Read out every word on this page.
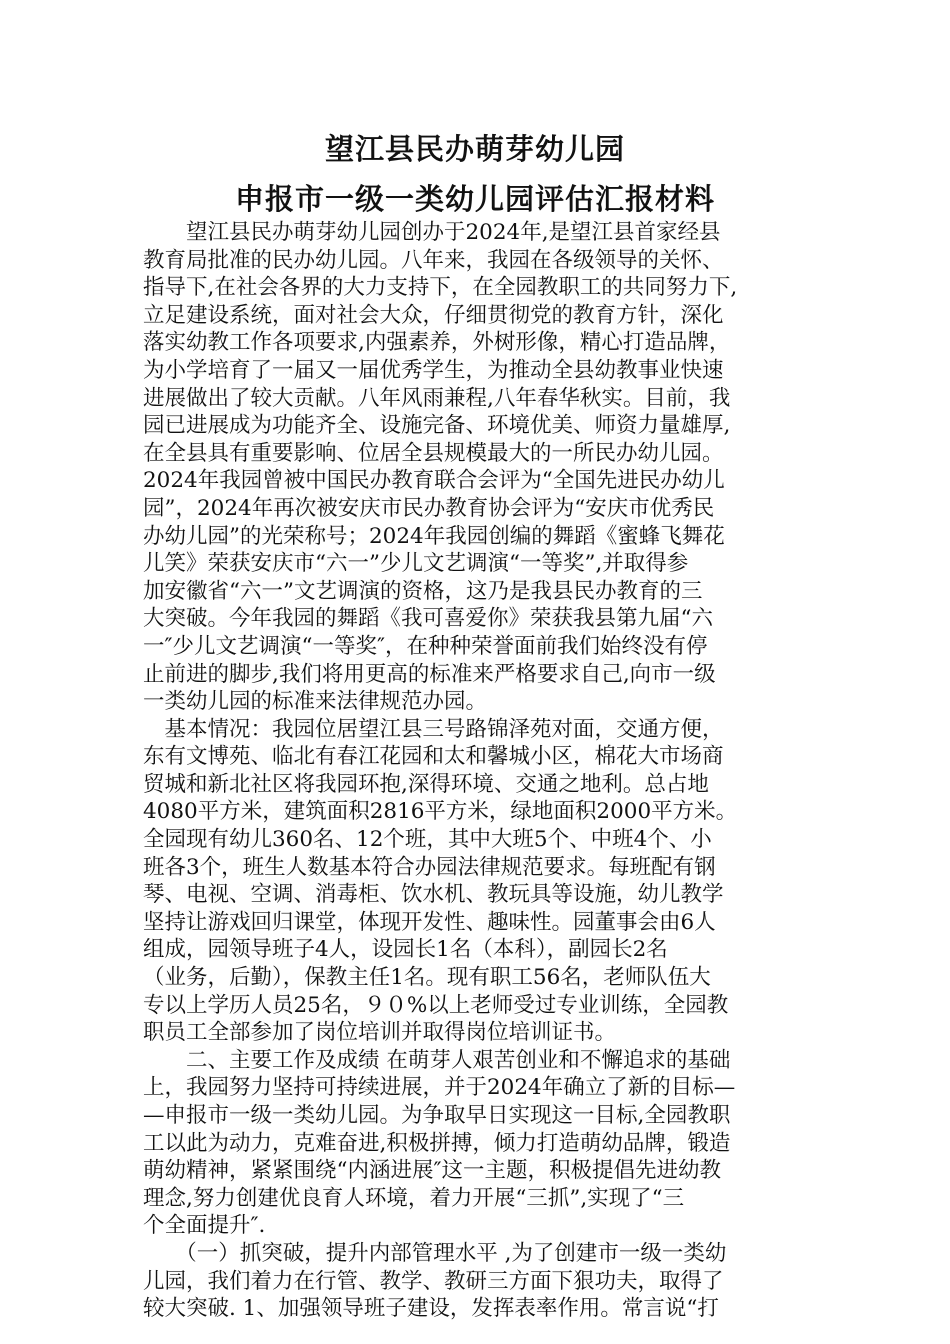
望江县民办萌芽幼儿园
申报市一级一类幼儿园评估汇报材料
　　望江县民办萌芽幼儿园创办于2024年,是望江县首家经县
教育局批准的民办幼儿园。八年来，我园在各级领导的关怀、
指导下,在社会各界的大力支持下，在全园教职工的共同努力下,
立足建设系统，面对社会大众，仔细贯彻党的教育方针，深化
落实幼教工作各项要求,内强素养，外树形像，精心打造品牌，
为小学培育了一届又一届优秀学生，为推动全县幼教事业快速
进展做出了较大贡献。八年风雨兼程,八年春华秋实。目前，我
园已进展成为功能齐全、设施完备、环境优美、师资力量雄厚,
在全县具有重要影响、位居全县规模最大的一所民办幼儿园。
2024年我园曾被中国民办教育联合会评为“全国先进民办幼儿
园”，2024年再次被安庆市民办教育协会评为“安庆市优秀民
办幼儿园”的光荣称号；2024年我园创编的舞蹈《蜜蜂飞舞花
儿笑》荣获安庆市“六一”少儿文艺调演“一等奖”,并取得参
加安徽省“六一”文艺调演的资格，这乃是我县民办教育的三
大突破。今年我园的舞蹈《我可喜爱你》荣获我县第九届“六
一″少儿文艺调演“一等奖″，在种种荣誉面前我们始终没有停
止前进的脚步,我们将用更高的标准来严格要求自己,向市一级
一类幼儿园的标准来法律规范办园。
　基本情况：我园位居望江县三号路锦泽苑对面，交通方便，
东有文博苑、临北有春江花园和太和馨城小区，棉花大市场商
贸城和新北社区将我园环抱,深得环境、交通之地利。总占地
4080平方米，建筑面积2816平方米，绿地面积2000平方米。
全园现有幼儿360名、12个班，其中大班5个、中班4个、小
班各3个，班生人数基本符合办园法律规范要求。每班配有钢
琴、电视、空调、消毒柜、饮水机、教玩具等设施，幼儿教学
坚持让游戏回归课堂，体现开发性、趣味性。园董事会由6人
组成，园领导班子4人，设园长1名（本科），副园长2名
（业务，后勤），保教主任1名。现有职工56名，老师队伍大
专以上学历人员25名，９０%以上老师受过专业训练，全园教
职员工全部参加了岗位培训并取得岗位培训证书。
　　二、主要工作及成绩 在萌芽人艰苦创业和不懈追求的基础
上，我园努力坚持可持续进展，并于2024年确立了新的目标—
—申报市一级一类幼儿园。为争取早日实现这一目标,全园教职
工以此为动力，克难奋进,积极拼搏，倾力打造萌幼品牌，锻造
萌幼精神，紧紧围绕“内涵进展″这一主题，积极提倡先进幼教
理念,努力创建优良育人环境，着力开展“三抓”,实现了“三
个全面提升″.
　　（一）抓突破，提升内部管理水平 ,为了创建市一级一类幼
儿园，我们着力在行管、教学、教研三方面下狠功夫，取得了
较大突破. 1、加强领导班子建设，发挥表率作用。常言说“打
